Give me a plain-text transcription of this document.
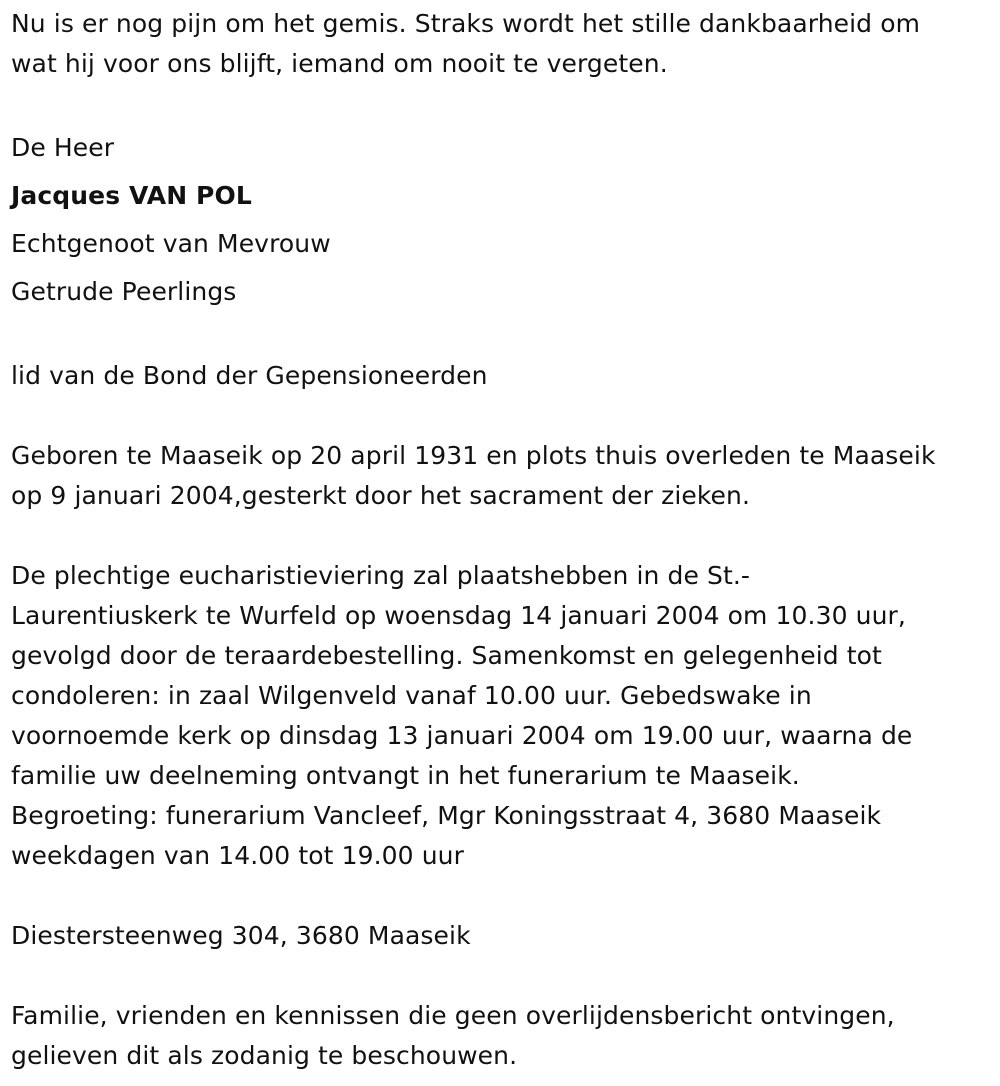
Nu is er nog pijn om het gemis. Straks wordt het stille dankbaarheid om
wat hij voor ons blijft, iemand om nooit te vergeten.
De Heer
Jacques VAN POL
Echtgenoot van Mevrouw
Getrude Peerlings
lid van de Bond der Gepensioneerden
Geboren te Maaseik op 20 april 1931 en plots thuis overleden te Maaseik
op 9 januari 2004,gesterkt door het sacrament der zieken.
De plechtige eucharistieviering zal plaatshebben in de St.-
Laurentiuskerk te Wurfeld op woensdag 14 januari 2004 om 10.30 uur,
gevolgd door de teraardebestelling. Samenkomst en gelegenheid tot
condoleren: in zaal Wilgenveld vanaf 10.00 uur. Gebedswake in
voornoemde kerk op dinsdag 13 januari 2004 om 19.00 uur, waarna de
familie uw deelneming ontvangt in het funerarium te Maaseik.
Begroeting: funerarium Vancleef, Mgr Koningsstraat 4, 3680 Maaseik
weekdagen van 14.00 tot 19.00 uur
Diestersteenweg 304, 3680 Maaseik
Familie, vrienden en kennissen die geen overlijdensbericht ontvingen,
gelieven dit als zodanig te beschouwen.
